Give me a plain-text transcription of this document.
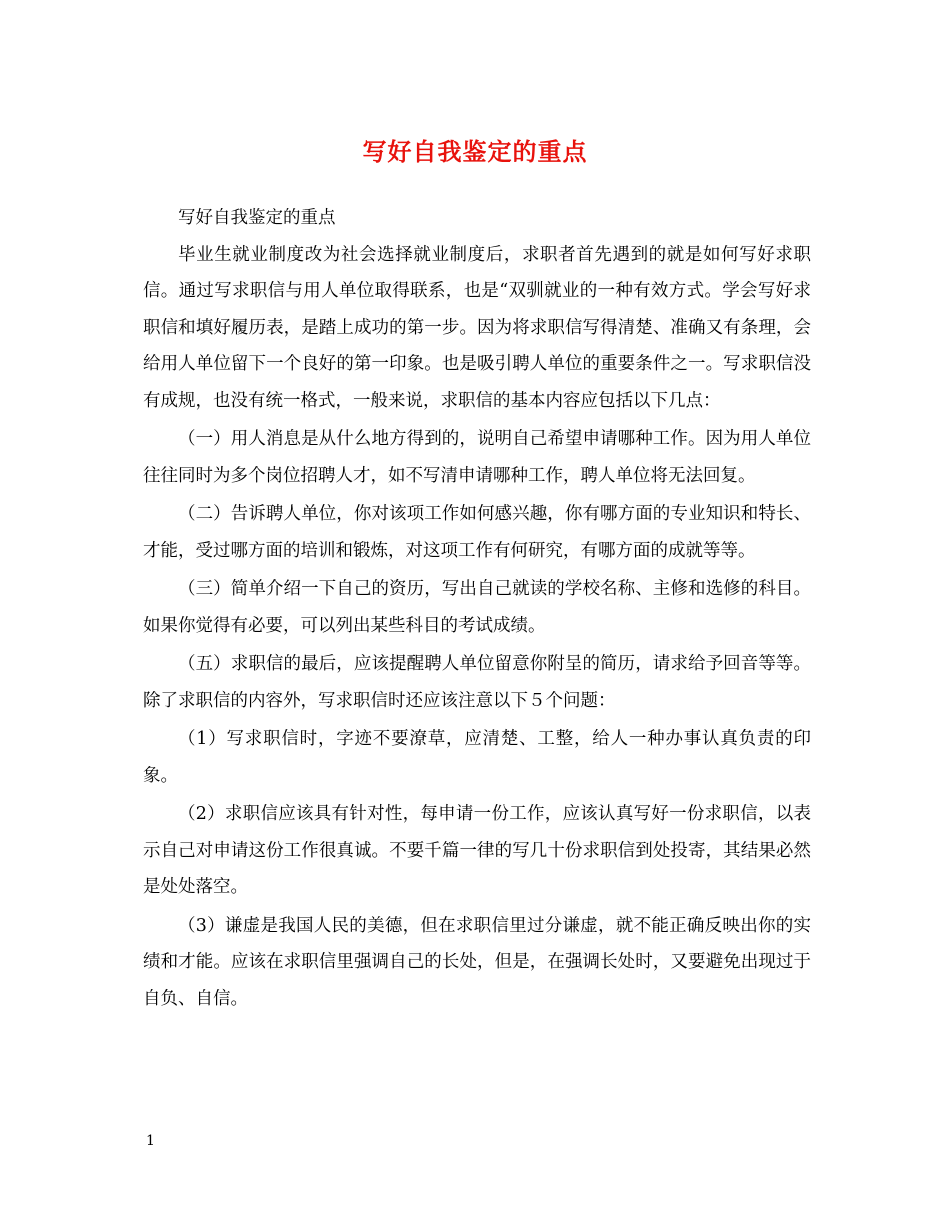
写好自我鉴定的重点

写好自我鉴定的重点

毕业生就业制度改为社会选择就业制度后，求职者首先遇到的就是如何写好求职信。通过写求职信与用人单位取得联系，也是“双驯就业的一种有效方式。学会写好求职信和填好履历表，是踏上成功的第一步。因为将求职信写得清楚、准确又有条理，会给用人单位留下一个良好的第一印象。也是吸引聘人单位的重要条件之一。写求职信没有成规，也没有统一格式，一般来说，求职信的基本内容应包括以下几点：

（一）用人消息是从什么地方得到的，说明自己希望申请哪种工作。因为用人单位往往同时为多个岗位招聘人才，如不写清申请哪种工作，聘人单位将无法回复。

（二）告诉聘人单位，你对该项工作如何感兴趣，你有哪方面的专业知识和特长、才能，受过哪方面的培训和锻炼，对这项工作有何研究，有哪方面的成就等等。

（三）简单介绍一下自己的资历，写出自己就读的学校名称、主修和选修的科目。如果你觉得有必要，可以列出某些科目的考试成绩。

（五）求职信的最后，应该提醒聘人单位留意你附呈的简历，请求给予回音等等。除了求职信的内容外，写求职信时还应该注意以下５个问题：

（1）写求职信时，字迹不要潦草，应清楚、工整，给人一种办事认真负责的印象。

（2）求职信应该具有针对性，每申请一份工作，应该认真写好一份求职信，以表示自己对申请这份工作很真诚。不要千篇一律的写几十份求职信到处投寄，其结果必然是处处落空。

（3）谦虚是我国人民的美德，但在求职信里过分谦虚，就不能正确反映出你的实绩和才能。应该在求职信里强调自己的长处，但是，在强调长处时，又要避免出现过于自负、自信。

1
